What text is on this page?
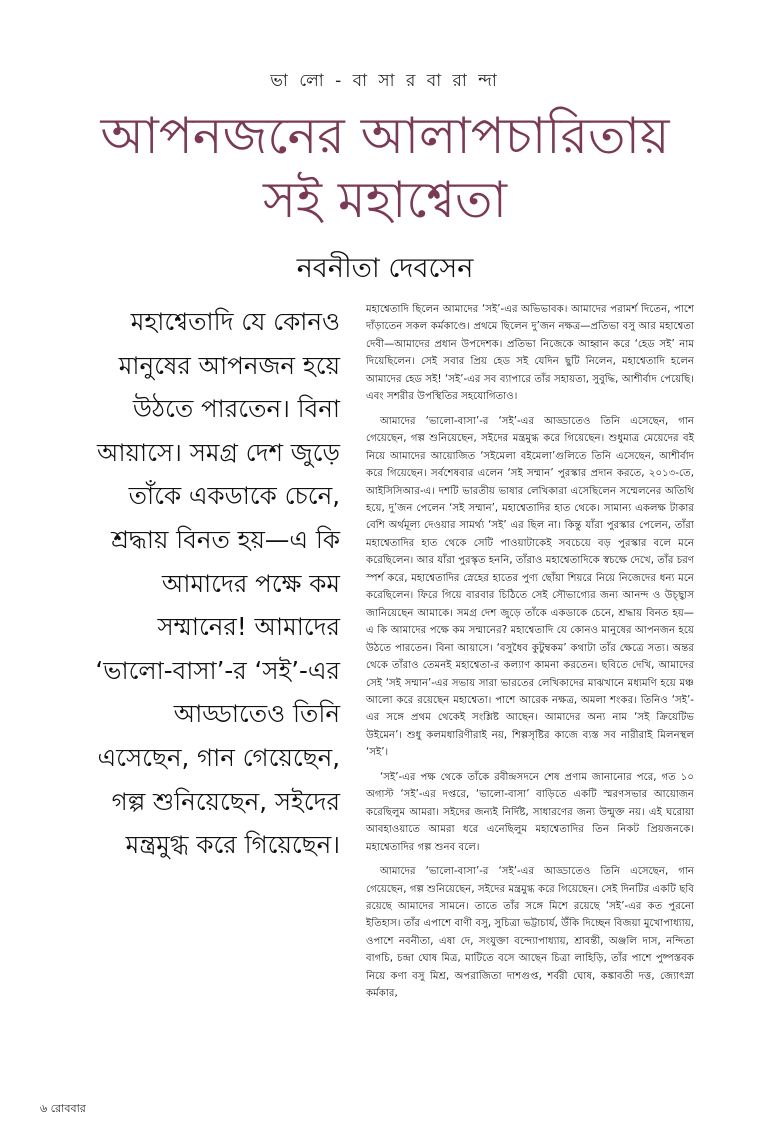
ভা লো - বা সা র বা রা ন্দা
আপনজনের আলাপচারিতায়
সই মহাশ্বেতা
নবনীতা দেবসেন
মহাশ্বেতাদি যে কোনও মানুষের আপনজন হয়ে উঠতে পারতেন। বিনা আয়াসে। সমগ্র দেশ জুড়ে তাঁকে একডাকে চেনে, শ্রদ্ধায় বিনত হয়—এ কি আমাদের পক্ষে কম সম্মানের! আমাদের ‘ভালো-বাসা’-র ‘সই’-এর আড্ডাতেও তিনি এসেছেন, গান গেয়েছেন, গল্প শুনিয়েছেন, সইদের মন্ত্রমুগ্ধ করে গিয়েছেন।

মহাশ্বেতাদি ছিলেন আমাদের ‘সই’-এর অভিভাবক। আমাদের পরামর্শ দিতেন, পাশে দাঁড়াতেন সকল কর্মকাণ্ডে। প্রথমে ছিলেন দু’জন নক্ষত্র—প্রতিভা বসু আর মহাশ্বেতা দেবী—আমাদের প্রধান উপদেশক। প্রতিভা নিজেকে আহ্বান করে ‘হেড সই’ নাম দিয়েছিলেন। সেই সবার প্রিয় হেড সই যেদিন ছুটি নিলেন, মহাশ্বেতাদি হলেন আমাদের হেড সই! ‘সই’-এর সব ব্যাপারে তাঁর সহায়তা, সুবুদ্ধি, আশীর্বাদ পেয়েছি। এবং সশরীর উপস্থিতির সহযোগিতাও।

আমাদের ‘ভালো-বাসা’-র ‘সই’-এর আড্ডাতেও তিনি এসেছেন, গান গেয়েছেন, গল্প শুনিয়েছেন, সইদের মন্ত্রমুগ্ধ করে গিয়েছেন। শুধুমাত্র মেয়েদের বই নিয়ে আমাদের আয়োজিত ‘সইমেলা বইমেলা’গুলিতে তিনি এসেছেন, আশীর্বাদ করে গিয়েছেন। সর্বশেষবার এলেন ‘সই সম্মান’ পুরস্কার প্রদান করতে, ২০১৩-তে, আইসিসিআর-এ। দশটি ভারতীয় ভাষার লেখিকারা এসেছিলেন সম্মেলনের অতিথি হয়ে, দু’জন পেলেন ‘সই সম্মান’, মহাশ্বেতাদির হাত থেকে। সামান্য একলক্ষ টাকার বেশি অর্থমূল্য দেওয়ার সামর্থ্য ‘সই’ এর ছিল না। কিন্তু যাঁরা পুরস্কার পেলেন, তাঁরা মহাশ্বেতাদির হাত থেকে সেটি পাওয়াটাকেই সবচেয়ে বড় পুরস্কার বলে মনে করেছিলেন। আর যাঁরা পুরস্কৃত হননি, তাঁরাও মহাশ্বেতাদিকে স্বচক্ষে দেখে, তাঁর চরণ স্পর্শ করে, মহাশ্বেতাদির স্নেহের হাতের পুণ্য ছোঁয়া শিয়রে নিয়ে নিজেদের ধন্য মনে করেছিলেন। ফিরে গিয়ে বারবার চিঠিতে সেই সৌভাগ্যের জন্য আনন্দ ও উচ্ছ্বাস জানিয়েছেন আমাকে। সমগ্র দেশ জুড়ে তাঁকে একডাকে চেনে, শ্রদ্ধায় বিনত হয়—এ কি আমাদের পক্ষে কম সম্মানের? মহাশ্বেতাদি যে কোনও মানুষের আপনজন হয়ে উঠতে পারতেন। বিনা আয়াসে। ‘বসুধৈব কুটুম্বকম’ কথাটা তাঁর ক্ষেত্রে সত্য। অন্তর থেকে তাঁরাও তেমনই মহাশ্বেতা-র কল্যাণ কামনা করতেন। ছবিতে দেখি, আমাদের সেই ‘সই সম্মান’-এর সভায় সারা ভারতের লেখিকাদের মাঝখানে মধ্যমণি হয়ে মঞ্চ আলো করে রয়েছেন মহাশ্বেতা। পাশে আরেক নক্ষত্র, অমলা শংকর। তিনিও ‘সই’-এর সঙ্গে প্রথম থেকেই সংশ্লিষ্ট আছেন। আমাদের অন্য নাম ‘সই ক্রিয়েটিভ উইমেন’। শুধু কলমধারিণীরাই নয়, শিল্পসৃষ্টির কাজে ব্যস্ত সব নারীরাই মিলনস্থল ‘সই’।

‘সই’-এর পক্ষ থেকে তাঁকে রবীন্দ্রসদনে শেষ প্রণাম জানানোর পরে, গত ১০ অগাস্ট ‘সই’-এর দপ্তরে, ‘ভালো-বাসা’ বাড়িতে একটি স্মরণসভার আয়োজন করেছিলুম আমরা। সইদের জন্যই নির্দিষ্ট, সাধারণের জন্য উন্মুক্ত নয়। এই ঘরোয়া আবহাওয়াতে আমরা ধরে এনেছিলুম মহাশ্বেতাদির তিন নিকট প্রিয়জনকে। মহাশ্বেতাদির গল্প শুনব বলে।

আমাদের ‘ভালো-বাসা’-র ‘সই’-এর আড্ডাতেও তিনি এসেছেন, গান গেয়েছেন, গল্প শুনিয়েছেন, সইদের মন্ত্রমুগ্ধ করে গিয়েছেন। সেই দিনটির একটি ছবি রয়েছে আমাদের সামনে। তাতে তাঁর সঙ্গে মিশে রয়েছে ‘সই’-এর কত পুরনো ইতিহাস। তাঁর এপাশে বাণী বসু, সুচিত্রা ভট্টাচার্য, উঁকি দিচ্ছেন বিজয়া মুখোপাধ্যায়, ওপাশে নবনীতা, এষা দে, সংযুক্তা বন্দ্যোপাধ্যায়, শ্রাবন্তী, অঞ্জলি দাস, নন্দিতা বাগচি, চন্দ্রা ঘোষ মিত্র, মাটিতে বসে আছেন চিত্রা লাহিড়ি, তাঁর পাশে পুষ্পস্তবক নিয়ে কণা বসু মিশ্র, অপরাজিতা দাশগুপ্ত, শর্বরী ঘোষ, কঙ্কাবতী দত্ত, জ্যোৎস্না কর্মকার,

৬ রোববার
